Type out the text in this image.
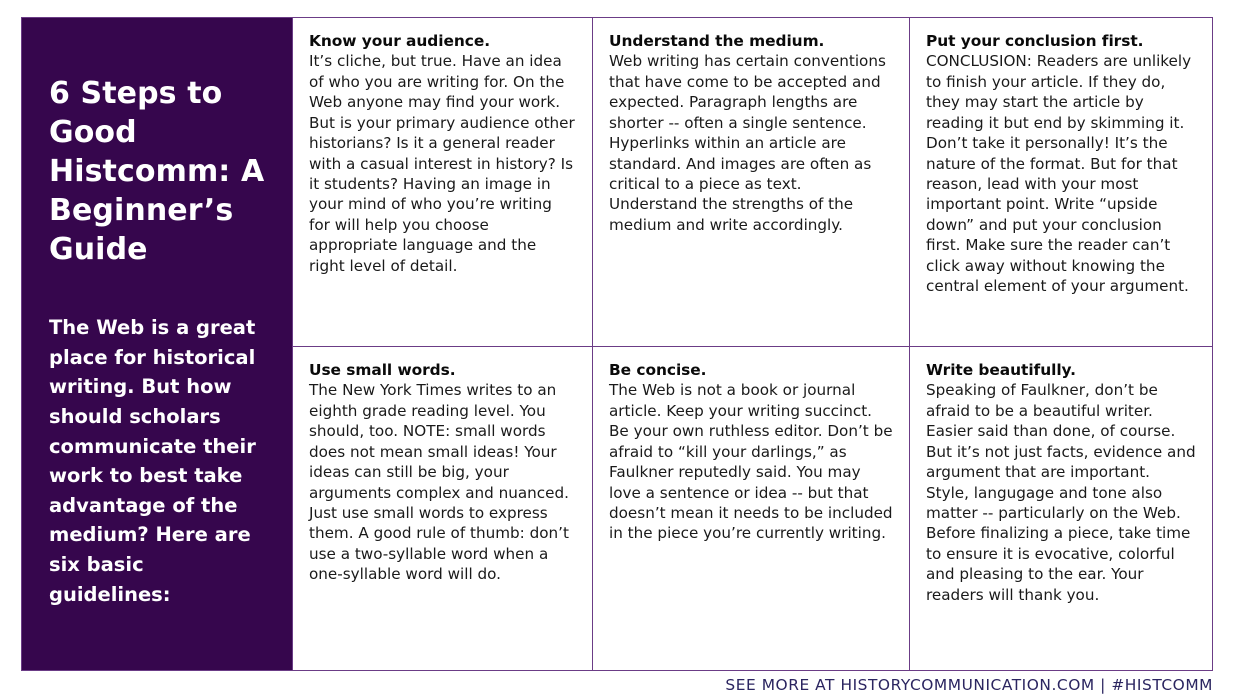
6 Steps to Good Histcomm: A Beginner’s Guide
The Web is a great place for historical writing. But how should scholars communicate their work to best take advantage of the medium? Here are six basic guidelines:
Know your audience.

It’s cliche, but true. Have an idea of who you are writing for. On the Web anyone may find your work. But is your primary audience other historians? Is it a general reader with a casual interest in history? Is it students? Having an image in your mind of who you’re writing for will help you choose appropriate language and the right level of detail.

Understand the medium.

Web writing has certain conventions that have come to be accepted and expected. Paragraph lengths are shorter -- often a single sentence. Hyperlinks within an article are standard. And images are often as critical to a piece as text. Understand the strengths of the medium and write accordingly.

Put your conclusion first.

CONCLUSION: Readers are unlikely to finish your article. If they do, they may start the article by reading it but end by skimming it. Don’t take it personally! It’s the nature of the format. But for that reason, lead with your most important point. Write “upside down” and put your conclusion first. Make sure the reader can’t click away without knowing the central element of your argument.

Use small words.

The New York Times writes to an eighth grade reading level. You should, too. NOTE: small words does not mean small ideas! Your ideas can still be big, your arguments complex and nuanced. Just use small words to express them. A good rule of thumb: don’t use a two-syllable word when a one-syllable word will do.

Be concise.

The Web is not a book or journal article. Keep your writing succinct. Be your own ruthless editor. Don’t be afraid to “kill your darlings,” as Faulkner reputedly said. You may love a sentence or idea -- but that doesn’t mean it needs to be included in the piece you’re currently writing.

Write beautifully.

Speaking of Faulkner, don’t be afraid to be a beautiful writer. Easier said than done, of course. But it’s not just facts, evidence and argument that are important. Style, langugage and tone also matter -- particularly on the Web. Before finalizing a piece, take time to ensure it is evocative, colorful and pleasing to the ear. Your readers will thank you.

SEE MORE AT HISTORYCOMMUNICATION.COM | #HISTCOMM
